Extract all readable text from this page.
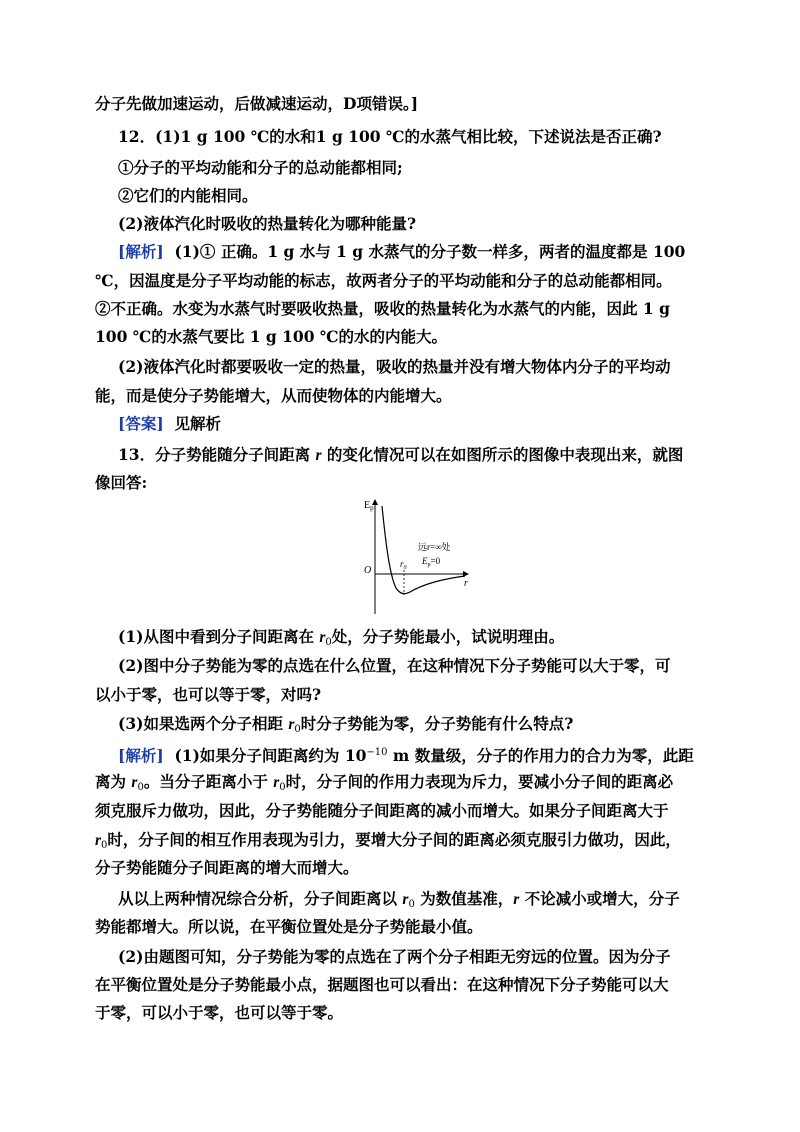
分子先做加速运动，后做减速运动，D项错误。]
12．(1)1 g 100 ℃的水和1 g 100 ℃的水蒸气相比较，下述说法是否正确?
①分子的平均动能和分子的总动能都相同;
②它们的内能相同。
(2)液体汽化时吸收的热量转化为哪种能量?
[解析] (1)① 正确。1 g 水与 1 g 水蒸气的分子数一样多，两者的温度都是 100
℃，因温度是分子平均动能的标志，故两者分子的平均动能和分子的总动能都相同。
②不正确。水变为水蒸气时要吸收热量，吸收的热量转化为水蒸气的内能，因此 1 g
100 ℃的水蒸气要比 1 g 100 ℃的水的内能大。
(2)液体汽化时都要吸收一定的热量，吸收的热量并没有增大物体内分子的平均动
能，而是使分子势能增大，从而使物体的内能增大。
[答案] 见解析
13．分子势能随分子间距离 r 的变化情况可以在如图所示的图像中表现出来，就图
像回答:
$E_p$
O
r
$r_0$
远r=∞处
$E_p=0$
(1)从图中看到分子间距离在 $r_0$处，分子势能最小，试说明理由。
(2)图中分子势能为零的点选在什么位置，在这种情况下分子势能可以大于零，可
以小于零，也可以等于零，对吗?
(3)如果选两个分子相距 $r_0$时分子势能为零，分子势能有什么特点?
[解析] (1)如果分子间距离约为 $10^{-10}$ m 数量级，分子的作用力的合力为零，此距
离为 $r_0$。当分子距离小于 $r_0$时，分子间的作用力表现为斥力，要减小分子间的距离必
须克服斥力做功，因此，分子势能随分子间距离的减小而增大。如果分子间距离大于
$r_0$时，分子间的相互作用表现为引力，要增大分子间的距离必须克服引力做功，因此，
分子势能随分子间距离的增大而增大。
从以上两种情况综合分析，分子间距离以 $r_0$ 为数值基准，r 不论减小或增大，分子
势能都增大。所以说，在平衡位置处是分子势能最小值。
(2)由题图可知，分子势能为零的点选在了两个分子相距无穷远的位置。因为分子
在平衡位置处是分子势能最小点，据题图也可以看出：在这种情况下分子势能可以大
于零，可以小于零，也可以等于零。
